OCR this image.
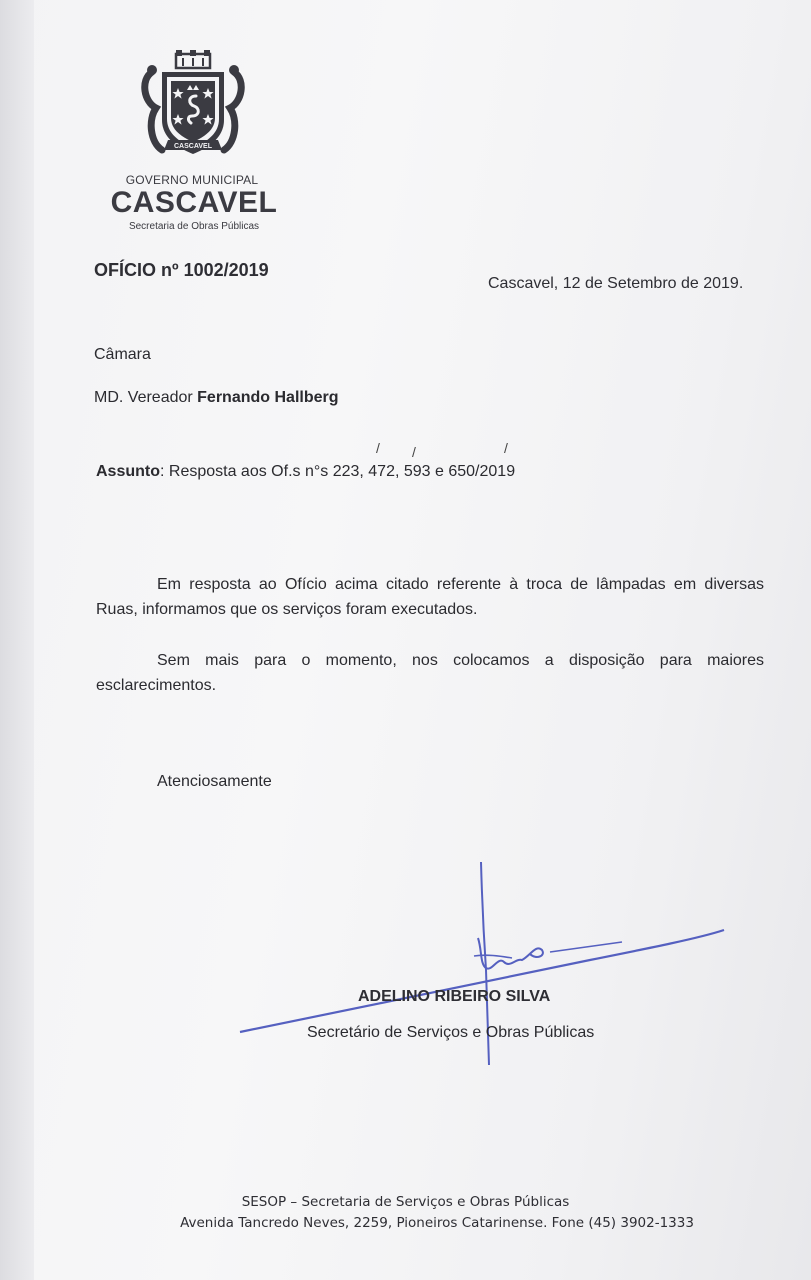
CASCAVEL
GOVERNO MUNICIPAL
CASCAVEL
Secretaria de Obras Públicas
OFÍCIO nº 1002/2019
Cascavel, 12 de Setembro de 2019.
Câmara
MD. Vereador Fernando Hallberg
/ /	/
Assunto: Resposta aos Of.s n°s 223, 472, 593 e 650/2019
Em resposta ao Ofício acima citado referente à troca de lâmpadas em diversas Ruas, informamos que os serviços foram executados.
Sem mais para o momento, nos colocamos a disposição para maiores esclarecimentos.
Atenciosamente
ADELINO RIBEIRO SILVA
Secretário de Serviços e Obras Públicas
SESOP – Secretaria de Serviços e Obras Públicas
Avenida Tancredo Neves, 2259, Pioneiros Catarinense. Fone (45) 3902-1333
